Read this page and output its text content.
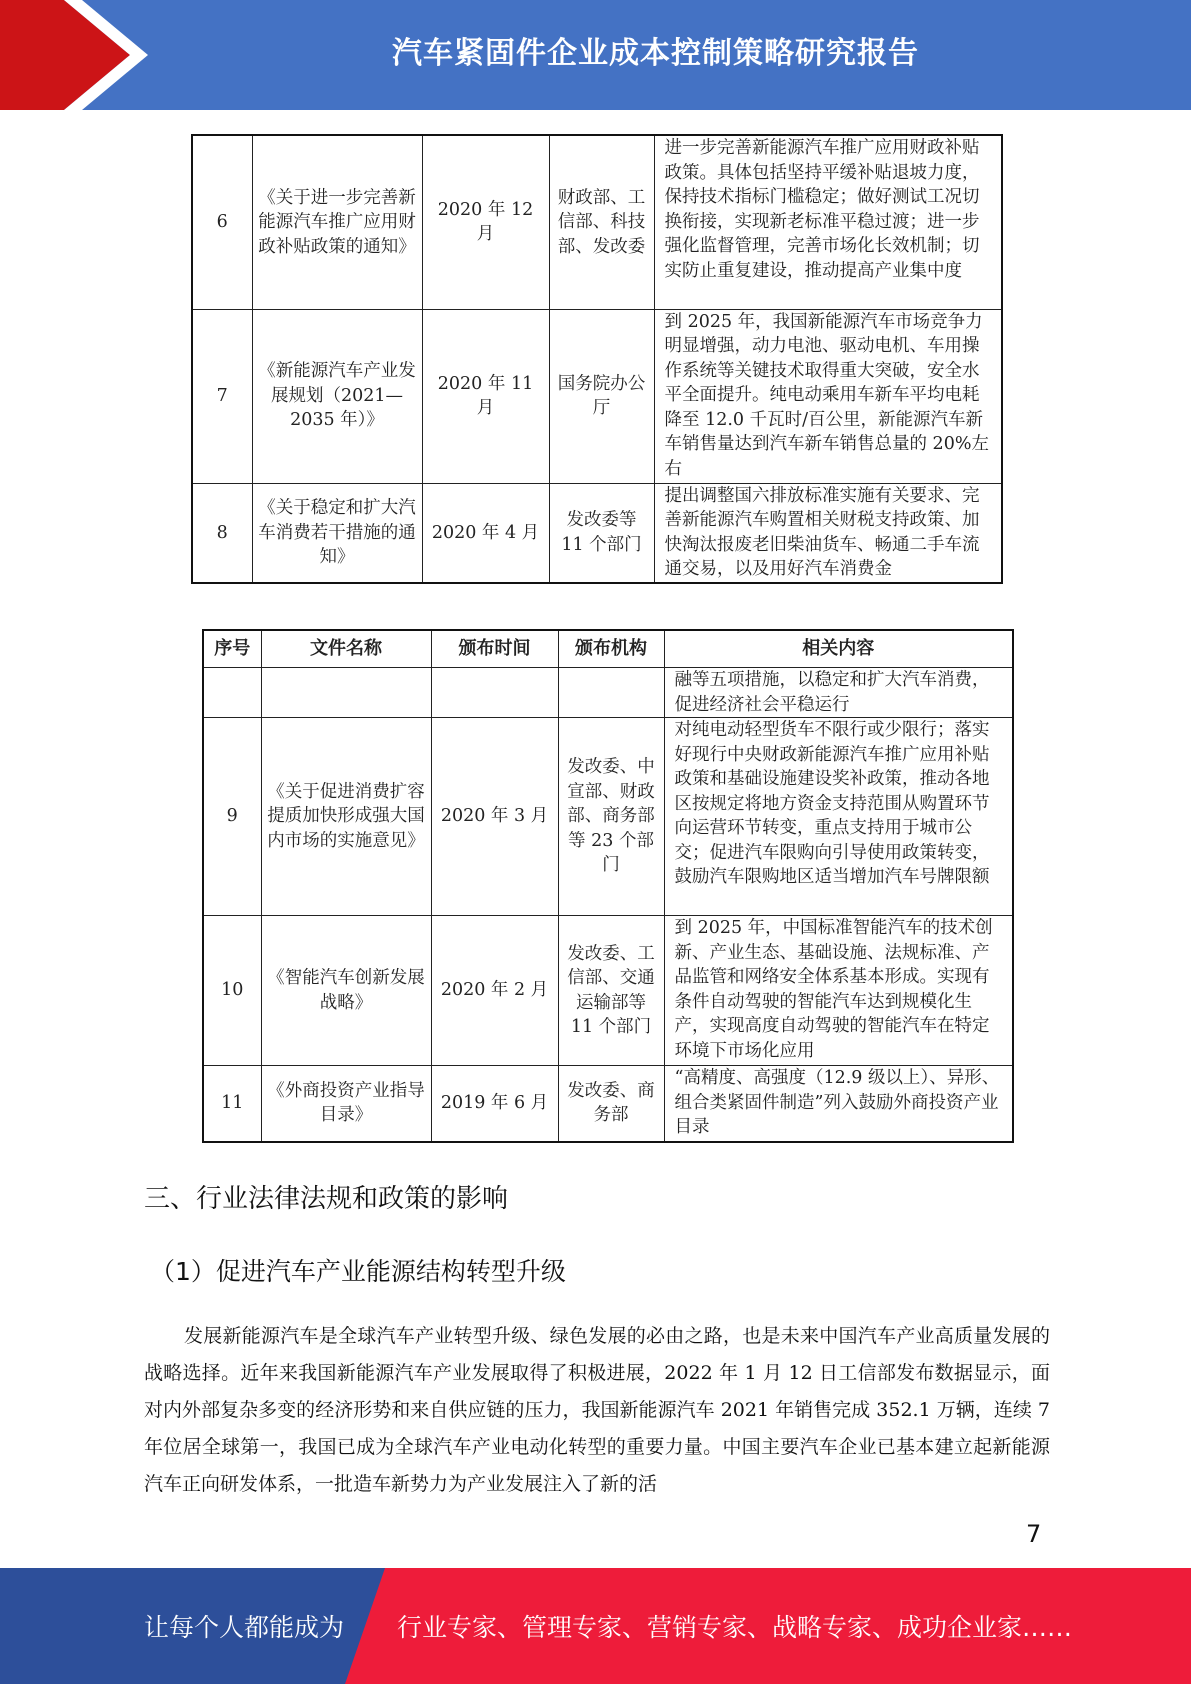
汽车紧固件企业成本控制策略研究报告
6	《关于进一步完善新能源汽车推广应用财政补贴政策的通知》	2020 年 12 月	财政部、工信部、科技部、发改委	进一步完善新能源汽车推广应用财政补贴政策。具体包括坚持平缓补贴退坡力度，保持技术指标门槛稳定；做好测试工况切换衔接，实现新老标准平稳过渡；进一步强化监督管理，完善市场化长效机制；切实防止重复建设，推动提高产业集中度
7	《新能源汽车产业发展规划（2021—2035 年）》	2020 年 11 月	国务院办公厅	到 2025 年，我国新能源汽车市场竞争力明显增强，动力电池、驱动电机、车用操作系统等关键技术取得重大突破，安全水平全面提升。纯电动乘用车新车平均电耗降至 12.0 千瓦时/百公里，新能源汽车新车销售量达到汽车新车销售总量的 20%左右
8	《关于稳定和扩大汽车消费若干措施的通知》	2020 年 4 月	发改委等 11 个部门	提出调整国六排放标准实施有关要求、完善新能源汽车购置相关财税支持政策、加快淘汰报废老旧柴油货车、畅通二手车流通交易，以及用好汽车消费金
序号	文件名称	颁布时间	颁布机构	相关内容
				融等五项措施，以稳定和扩大汽车消费，促进经济社会平稳运行
9	《关于促进消费扩容提质加快形成强大国内市场的实施意见》	2020 年 3 月	发改委、中宣部、财政部、商务部等 23 个部门	对纯电动轻型货车不限行或少限行；落实好现行中央财政新能源汽车推广应用补贴政策和基础设施建设奖补政策，推动各地区按规定将地方资金支持范围从购置环节向运营环节转变，重点支持用于城市公交；促进汽车限购向引导使用政策转变，鼓励汽车限购地区适当增加汽车号牌限额
10	《智能汽车创新发展战略》	2020 年 2 月	发改委、工信部、交通运输部等 11 个部门	到 2025 年，中国标准智能汽车的技术创新、产业生态、基础设施、法规标准、产品监管和网络安全体系基本形成。实现有条件自动驾驶的智能汽车达到规模化生产，实现高度自动驾驶的智能汽车在特定环境下市场化应用
11	《外商投资产业指导目录》	2019 年 6 月	发改委、商务部	“高精度、高强度（12.9 级以上）、异形、组合类紧固件制造”列入鼓励外商投资产业目录
三、行业法律法规和政策的影响
（1）促进汽车产业能源结构转型升级

发展新能源汽车是全球汽车产业转型升级、绿色发展的必由之路，也是未来中国汽车产业高质量发展的战略选择。近年来我国新能源汽车产业发展取得了积极进展，2022 年 1 月 12 日工信部发布数据显示，面对内外部复杂多变的经济形势和来自供应链的压力，我国新能源汽车 2021 年销售完成 352.1 万辆，连续 7 年位居全球第一，我国已成为全球汽车产业电动化转型的重要力量。中国主要汽车企业已基本建立起新能源汽车正向研发体系，一批造车新势力为产业发展注入了新的活

7
让每个人都能成为 行业专家、管理专家、营销专家、战略专家、成功企业家……
